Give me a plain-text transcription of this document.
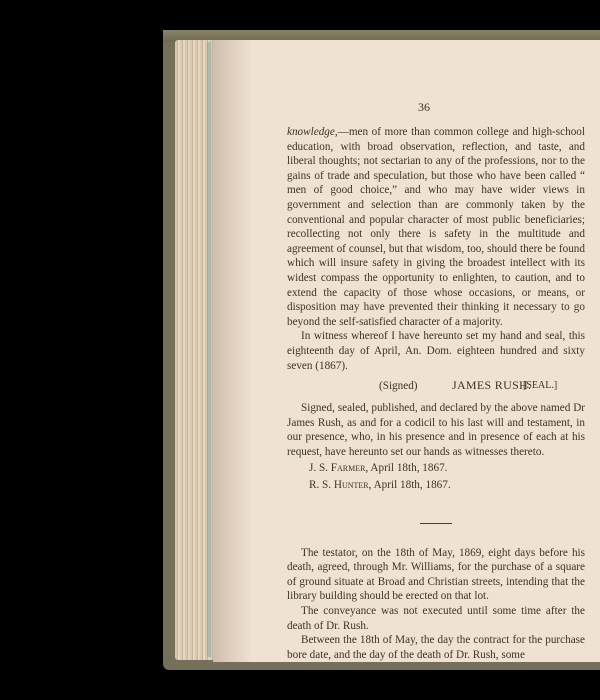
36

knowledge,—men of more than common college and high-school education, with broad observation, reflection, and taste, and liberal thoughts; not sectarian to any of the professions, nor to the gains of trade and speculation, but those who have been called “ men of good choice,” and who may have wider views in government and selection than are commonly taken by the conventional and popular character of most public beneficiaries; recollecting not only there is safety in the multitude and agreement of counsel, but that wisdom, too, should there be found which will insure safety in giving the broadest intellect with its widest compass the opportunity to enlighten, to caution, and to extend the capacity of those whose occasions, or means, or disposition may have prevented their thinking it necessary to go beyond the self-satisfied character of a majority.

In witness whereof I have hereunto set my hand and seal, this eighteenth day of April, An. Dom. eighteen hundred and sixty seven (1867).

(Signed)	JAMES RUSH.
[SEAL.]

Signed, sealed, published, and declared by the above named Dr James Rush, as and for a codicil to his last will and testament, in our presence, who, in his presence and in presence of each at his request, have hereunto set our hands as witnesses thereto.

J. S. Farmer, April 18th, 1867.

R. S. Hunter, April 18th, 1867.

The testator, on the 18th of May, 1869, eight days before his death, agreed, through Mr. Williams, for the purchase of a square of ground situate at Broad and Christian streets, intending that the library building should be erected on that lot.

The conveyance was not executed until some time after the death of Dr. Rush.

Between the 18th of May, the day the contract for the purchase bore date, and the day of the death of Dr. Rush, some
